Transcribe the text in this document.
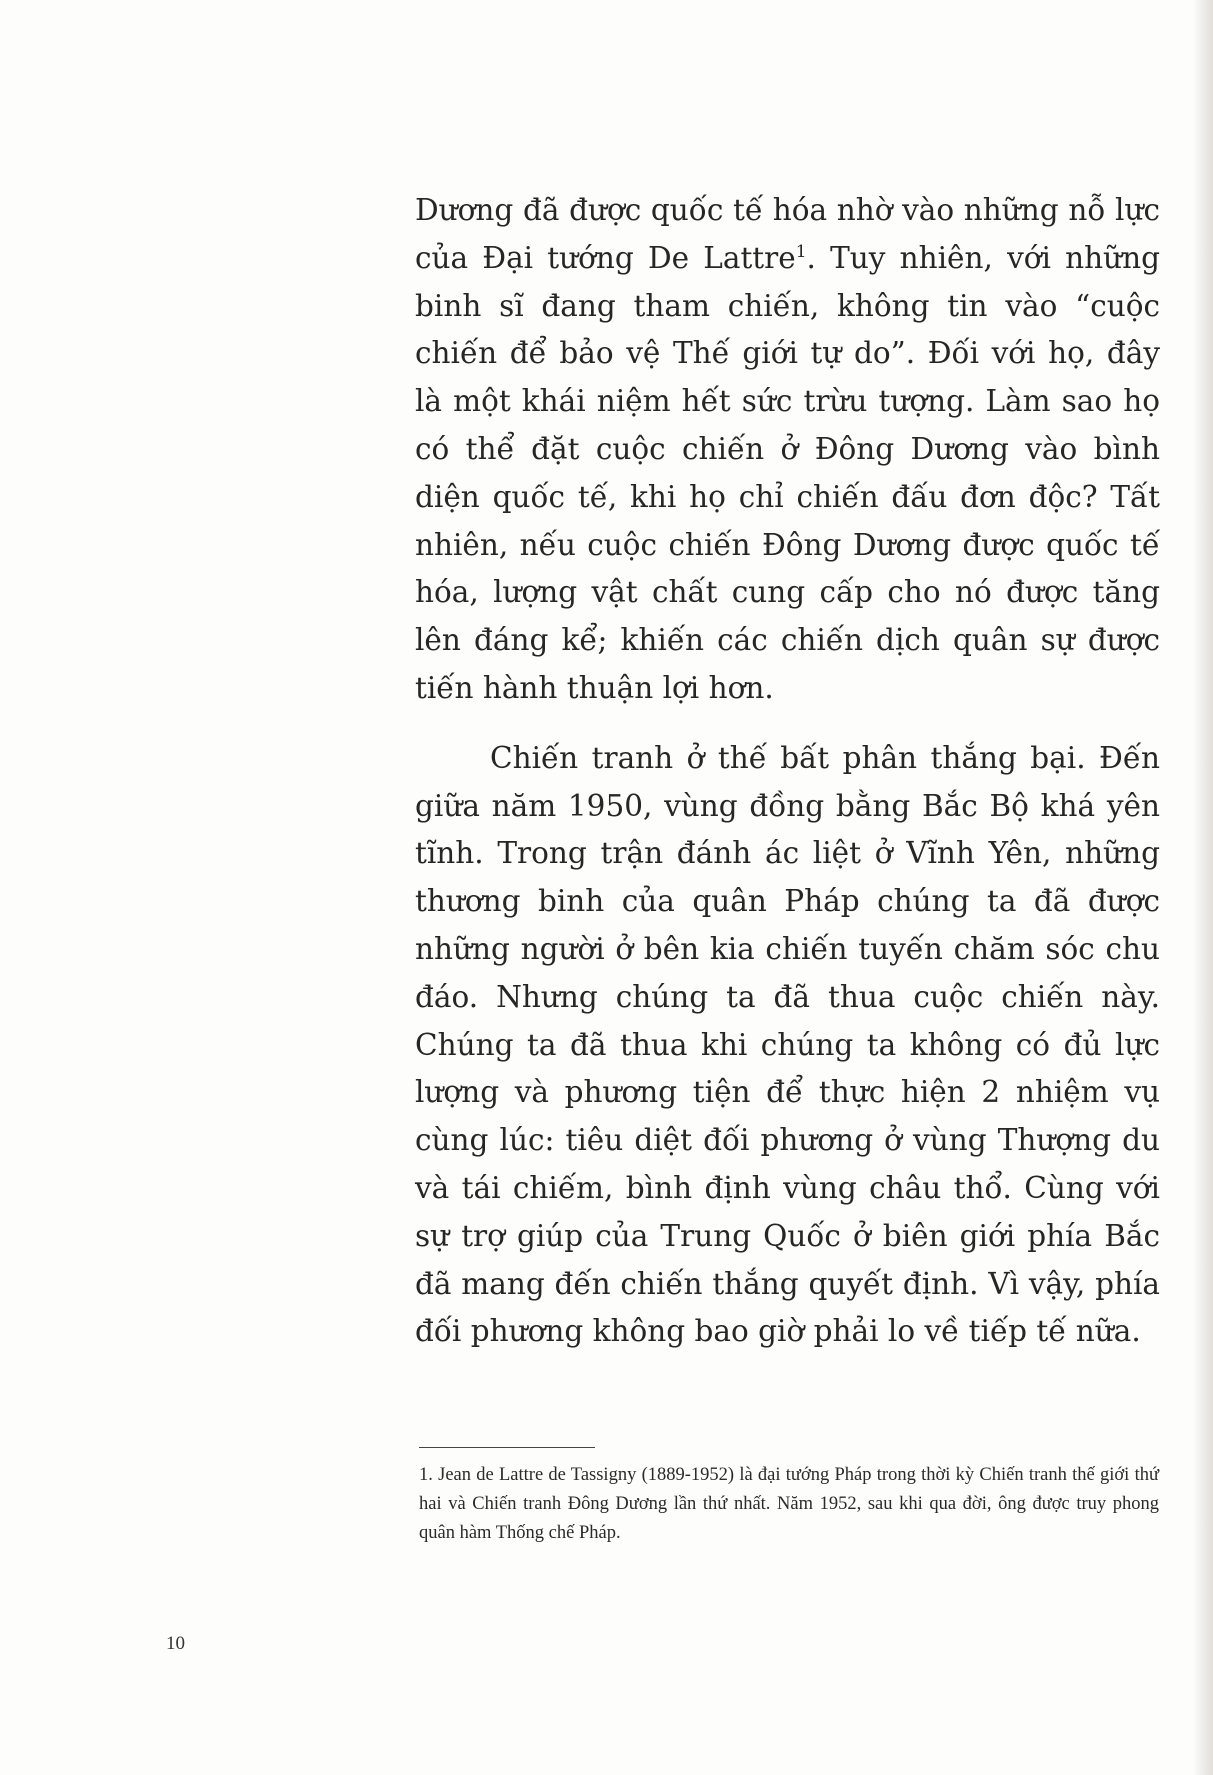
Dương đã được quốc tế hóa nhờ vào những nỗ lực của Đại tướng De Lattre$^1$. Tuy nhiên, với những binh sĩ đang tham chiến, không tin vào “cuộc chiến để bảo vệ Thế giới tự do”. Đối với họ, đây là một khái niệm hết sức trừu tượng. Làm sao họ có thể đặt cuộc chiến ở Đông Dương vào bình diện quốc tế, khi họ chỉ chiến đấu đơn độc? Tất nhiên, nếu cuộc chiến Đông Dương được quốc tế hóa, lượng vật chất cung cấp cho nó được tăng lên đáng kể; khiến các chiến dịch quân sự được tiến hành thuận lợi hơn.

Chiến tranh ở thế bất phân thắng bại. Đến giữa năm 1950, vùng đồng bằng Bắc Bộ khá yên tĩnh. Trong trận đánh ác liệt ở Vĩnh Yên, những thương binh của quân Pháp chúng ta đã được những người ở bên kia chiến tuyến chăm sóc chu đáo. Nhưng chúng ta đã thua cuộc chiến này. Chúng ta đã thua khi chúng ta không có đủ lực lượng và phương tiện để thực hiện 2 nhiệm vụ cùng lúc: tiêu diệt đối phương ở vùng Thượng du và tái chiếm, bình định vùng châu thổ. Cùng với sự trợ giúp của Trung Quốc ở biên giới phía Bắc đã mang đến chiến thắng quyết định. Vì vậy, phía đối phương không bao giờ phải lo về tiếp tế nữa.

1. Jean de Lattre de Tassigny (1889-1952) là đại tướng Pháp trong thời kỳ Chiến tranh thế giới thứ hai và Chiến tranh Đông Dương lần thứ nhất. Năm 1952, sau khi qua đời, ông được truy phong quân hàm Thống chế Pháp.

10
